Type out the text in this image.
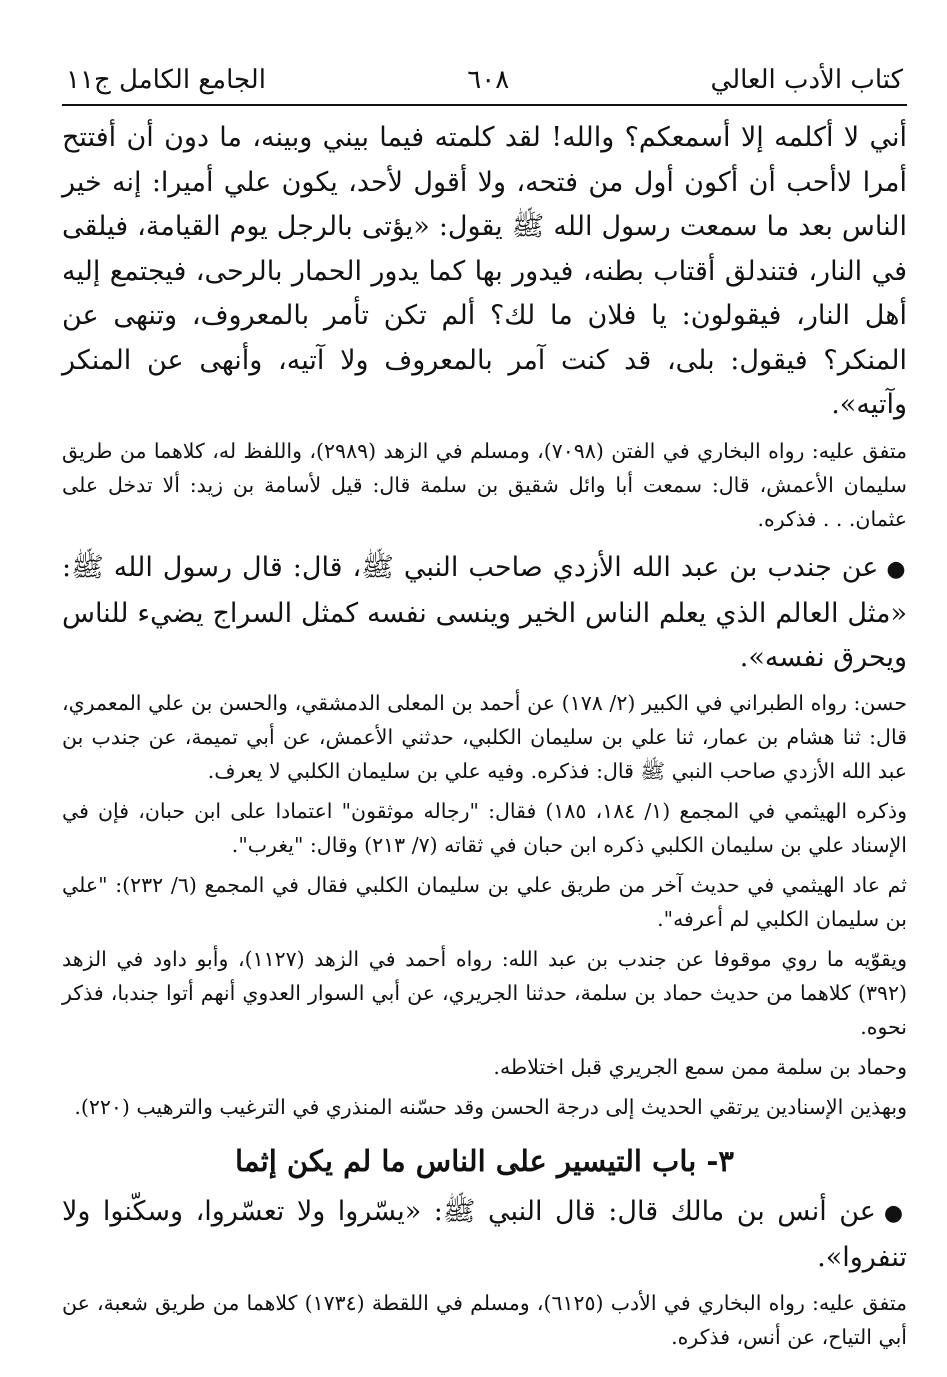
كتاب الأدب العالي
٦٠٨
الجامع الكامل ج١١

أني لا أكلمه إلا أسمعكم؟ والله! لقد كلمته فيما بيني وبينه، ما دون أن أفتتح أمرا لاأحب أن أكون أول من فتحه، ولا أقول لأحد، يكون علي أميرا: إنه خير الناس بعد ما سمعت رسول الله ﷺ يقول: «يؤتى بالرجل يوم القيامة، فيلقى في النار، فتندلق أقتاب بطنه، فيدور بها كما يدور الحمار بالرحى، فيجتمع إليه أهل النار، فيقولون: يا فلان ما لك؟ ألم تكن تأمر بالمعروف، وتنهى عن المنكر؟ فيقول: بلى، قد كنت آمر بالمعروف ولا آتيه، وأنهى عن المنكر وآتيه».

متفق عليه: رواه البخاري في الفتن (٧٠٩٨)، ومسلم في الزهد (٢٩٨٩)، واللفظ له، كلاهما من طريق سليمان الأعمش، قال: سمعت أبا وائل شقيق بن سلمة قال: قيل لأسامة بن زيد: ألا تدخل على عثمان. . . فذكره.

●عن جندب بن عبد الله الأزدي صاحب النبي ﷺ، قال: قال رسول الله ﷺ: «مثل العالم الذي يعلم الناس الخير وينسى نفسه كمثل السراج يضيء للناس ويحرق نفسه».

حسن: رواه الطبراني في الكبير (٢/ ١٧٨) عن أحمد بن المعلى الدمشقي، والحسن بن علي المعمري، قال: ثنا هشام بن عمار، ثنا علي بن سليمان الكلبي، حدثني الأعمش، عن أبي تميمة، عن جندب بن عبد الله الأزدي صاحب النبي ﷺ قال: فذكره. وفيه علي بن سليمان الكلبي لا يعرف.

وذكره الهيثمي في المجمع (١/ ١٨٤، ١٨٥) فقال: "رجاله موثقون" اعتمادا على ابن حبان، فإن في الإسناد علي بن سليمان الكلبي ذكره ابن حبان في ثقاته (٧/ ٢١٣) وقال: "يغرب".

ثم عاد الهيثمي في حديث آخر من طريق علي بن سليمان الكلبي فقال في المجمع (٦/ ٢٣٢): "علي بن سليمان الكلبي لم أعرفه".

ويقوّيه ما روي موقوفا عن جندب بن عبد الله: رواه أحمد في الزهد (١١٢٧)، وأبو داود في الزهد (٣٩٢) كلاهما من حديث حماد بن سلمة، حدثنا الجريري، عن أبي السوار العدوي أنهم أتوا جندبا، فذكر نحوه.

وحماد بن سلمة ممن سمع الجريري قبل اختلاطه.

وبهذين الإسنادين يرتقي الحديث إلى درجة الحسن وقد حسّنه المنذري في الترغيب والترهيب (٢٢٠).

٣- باب التيسير على الناس ما لم يكن إثما

●عن أنس بن مالك قال: قال النبي ﷺ: «يسّروا ولا تعسّروا، وسكّنوا ولا تنفروا».

متفق عليه: رواه البخاري في الأدب (٦١٢٥)، ومسلم في اللقطة (١٧٣٤) كلاهما من طريق شعبة، عن أبي التياح، عن أنس، فذكره.
